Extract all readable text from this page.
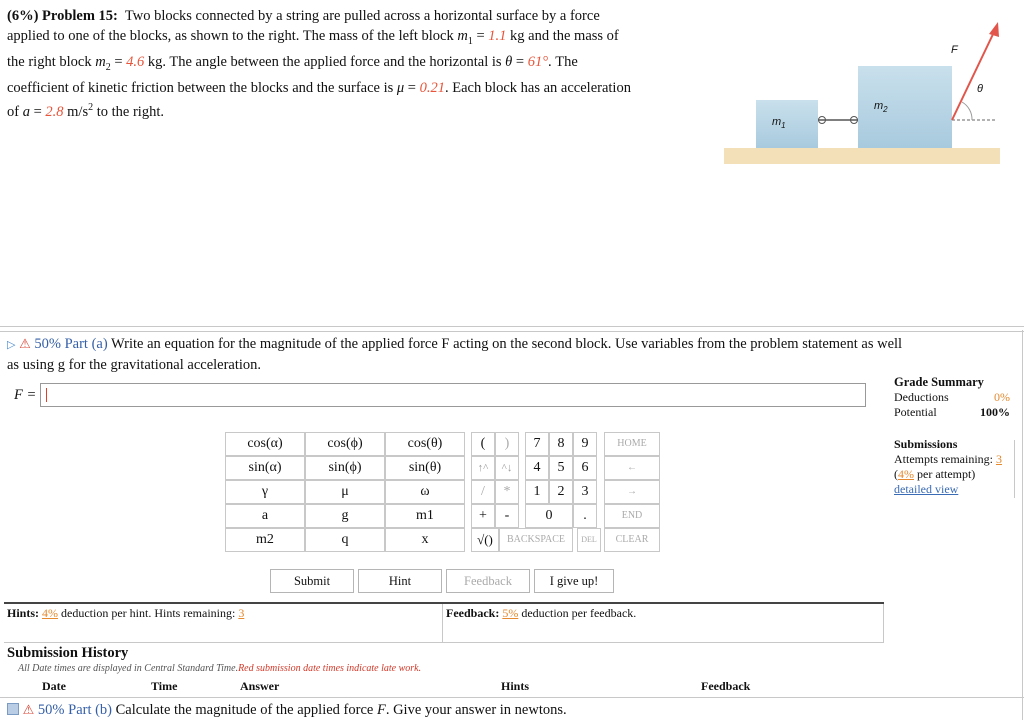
(6%) Problem 15: Two blocks connected by a string are pulled across a horizontal surface by a force
applied to one of the blocks, as shown to the right. The mass of the left block $m_1 = 1.1$ kg and the mass of
the right block $m_2 = 4.6$ kg. The angle between the applied force and the horizontal is θ = 61°. The
coefficient of kinetic friction between the blocks and the surface is μ = 0.21. Each block has an acceleration
of a = 2.8 $m/s^2$ to the right.
$m_1$
$m_2$
F
θ
▷ ⚠ 50% Part (a) Write an equation for the magnitude of the applied force F acting on the second block. Use variables from the problem statement as well
as using g for the gravitational acceleration.
F =
Grade Summary
Deductions	0%
Potential	100%
Submissions
Attempts remaining: 3
(4% per attempt)
detailed view
cos(α)	cos(ϕ)	cos(θ)
sin(α)	sin(ϕ)	sin(θ)
γ	μ	ω
a	g	m1
m2	q	x
(	)
↑^	^↓
/	*
+	-
7	8	9
4	5	6
1	2	3
0	.
HOME
←
→
END
√()	BACKSPACE	DEL	CLEAR
Submit	Hint	Feedback	I give up!
Hints: 4% deduction per hint. Hints remaining: 3	Feedback: 5% deduction per feedback.
Submission History
All Date times are displayed in Central Standard Time.Red submission date times indicate late work.
Date	Time	Answer	Hints	Feedback
⚠ 50% Part (b) Calculate the magnitude of the applied force F. Give your answer in newtons.
